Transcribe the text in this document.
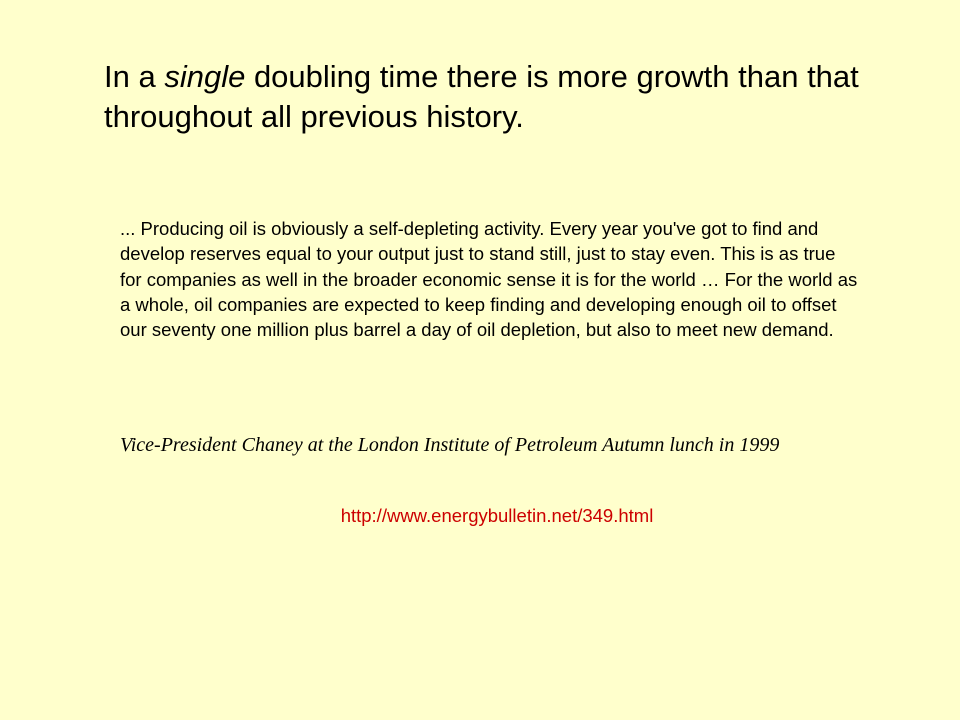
In a single doubling time there is more growth than that throughout all previous history.

... Producing oil is obviously a self-depleting activity. Every year you've got to find and develop reserves equal to your output just to stand still, just to stay even. This is as true for companies as well in the broader economic sense it is for the world … For the world as a whole, oil companies are expected to keep finding and developing enough oil to offset our seventy one million plus barrel a day of oil depletion, but also to meet new demand.

Vice-President Chaney at the London Institute of Petroleum Autumn lunch in 1999

http://www.energybulletin.net/349.html
